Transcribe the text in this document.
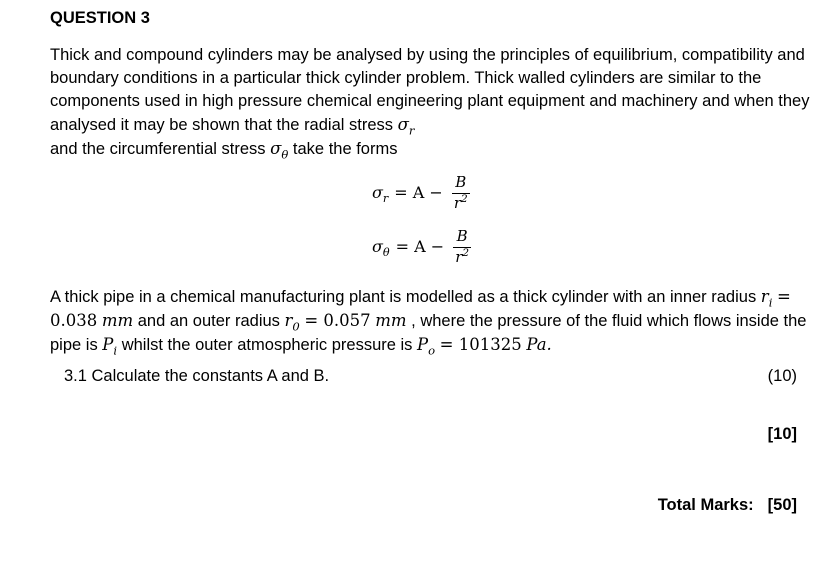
QUESTION 3
Thick and compound cylinders may be analysed by using the principles of equilibrium, compatibility and boundary conditions in a particular thick cylinder problem. Thick walled cylinders are similar to the components used in high pressure chemical engineering plant equipment and machinery and when they analysed it may be shown that the radial stress $\sigma_r$
and the circumferential stress $\sigma_\theta$ take the forms
$\sigma_r = A - \frac{B}{r^2}$
$\sigma_\theta = A - \frac{B}{r^2}$
A thick pipe in a chemical manufacturing plant is modelled as a thick cylinder with an inner radius $r_i = 0.038$ mm and an outer radius $r_0 = 0.057$ mm , where the pressure of the fluid which flows inside the pipe is $P_i$ whilst the outer atmospheric pressure is $P_o = 101325$ Pa.
3.1 Calculate the constants A and B.	(10)
[10]
Total Marks: [50]
